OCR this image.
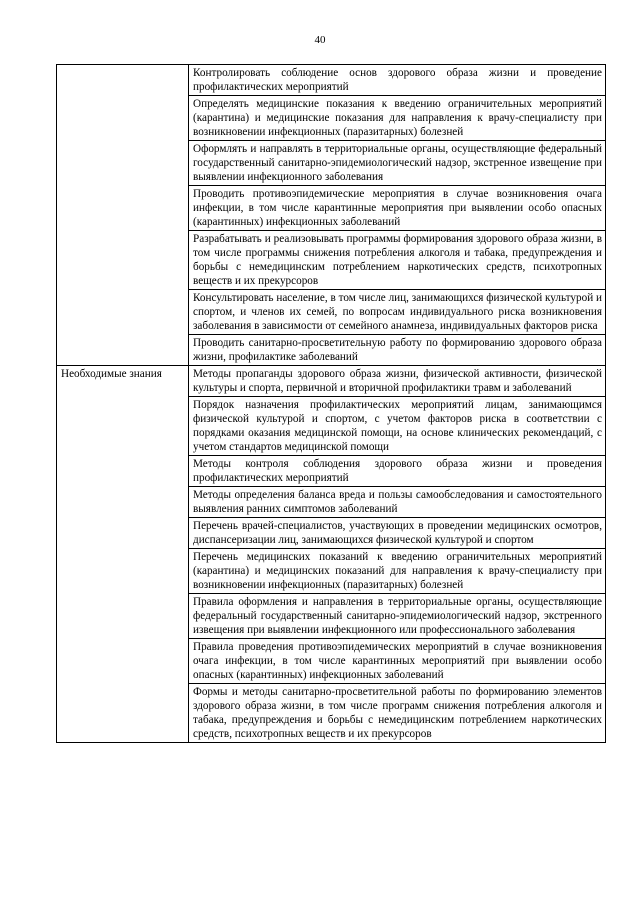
40

	Контролировать соблюдение основ здорового образа жизни и проведение профилактических мероприятий

	Определять медицинские показания к введению ограничительных мероприятий (карантина) и медицинские показания для направления к врачу-специалисту при возникновении инфекционных (паразитарных) болезней

	Оформлять и направлять в территориальные органы, осуществляющие федеральный государственный санитарно-эпидемиологический надзор, экстренное извещение при выявлении инфекционного заболевания

	Проводить противоэпидемические мероприятия в случае возникновения очага инфекции, в том числе карантинные мероприятия при выявлении особо опасных (карантинных) инфекционных заболеваний

	Разрабатывать и реализовывать программы формирования здорового образа жизни, в том числе программы снижения потребления алкоголя и табака, предупреждения и борьбы с немедицинским потреблением наркотических средств, психотропных веществ и их прекурсоров

	Консультировать население, в том числе лиц, занимающихся физической культурой и спортом, и членов их семей, по вопросам индивидуального риска возникновения заболевания в зависимости от семейного анамнеза, индивидуальных факторов риска

	Проводить санитарно-просветительную работу по формированию здорового образа жизни, профилактике заболеваний

Необходимые знания	Методы пропаганды здорового образа жизни, физической активности, физической культуры и спорта, первичной и вторичной профилактики травм и заболеваний

	Порядок назначения профилактических мероприятий лицам, занимающимся физической культурой и спортом, с учетом факторов риска в соответствии с порядками оказания медицинской помощи, на основе клинических рекомендаций, с учетом стандартов медицинской помощи

	Методы контроля соблюдения здорового образа жизни и проведения профилактических мероприятий

	Методы определения баланса вреда и пользы самообследования и самостоятельного выявления ранних симптомов заболеваний

	Перечень врачей-специалистов, участвующих в проведении медицинских осмотров, диспансеризации лиц, занимающихся физической культурой и спортом

	Перечень медицинских показаний к введению ограничительных мероприятий (карантина) и медицинских показаний для направления к врачу-специалисту при возникновении инфекционных (паразитарных) болезней

	Правила оформления и направления в территориальные органы, осуществляющие федеральный государственный санитарно-эпидемиологический надзор, экстренного извещения при выявлении инфекционного или профессионального заболевания

	Правила проведения противоэпидемических мероприятий в случае возникновения очага инфекции, в том числе карантинных мероприятий при выявлении особо опасных (карантинных) инфекционных заболеваний

	Формы и методы санитарно-просветительной работы по формированию элементов здорового образа жизни, в том числе программ снижения потребления алкоголя и табака, предупреждения и борьбы с немедицинским потреблением наркотических средств, психотропных веществ и их прекурсоров
